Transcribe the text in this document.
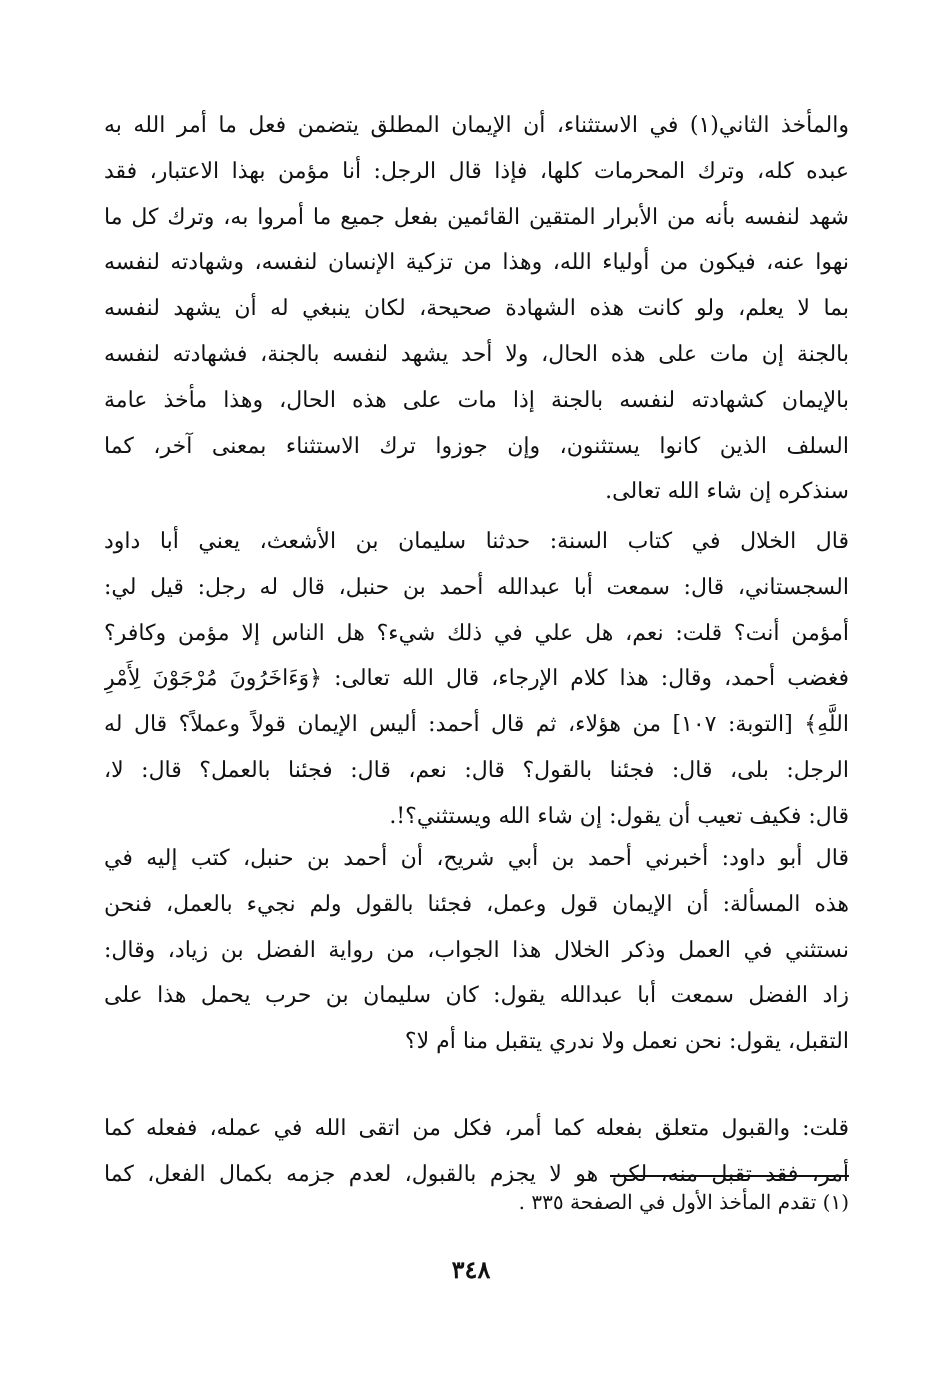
والمأخذ الثاني(١) في الاستثناء، أن الإيمان المطلق يتضمن فعل ما أمر الله به
عبده كله، وترك المحرمات كلها، فإذا قال الرجل: أنا مؤمن بهذا الاعتبار، فقد
شهد لنفسه بأنه من الأبرار المتقين القائمين بفعل جميع ما أمروا به، وترك كل ما
نهوا عنه، فيكون من أولياء الله، وهذا من تزكية الإنسان لنفسه، وشهادته لنفسه
بما لا يعلم، ولو كانت هذه الشهادة صحيحة، لكان ينبغي له أن يشهد لنفسه
بالجنة إن مات على هذه الحال، ولا أحد يشهد لنفسه بالجنة، فشهادته لنفسه
بالإيمان كشهادته لنفسه بالجنة إذا مات على هذه الحال، وهذا مأخذ عامة
السلف الذين كانوا يستثنون، وإن جوزوا ترك الاستثناء بمعنى آخر، كما
سنذكره إن شاء الله تعالى.
قال الخلال في كتاب السنة: حدثنا سليمان بن الأشعث، يعني أبا داود
السجستاني، قال: سمعت أبا عبدالله أحمد بن حنبل، قال له رجل: قيل لي:
أمؤمن أنت؟ قلت: نعم، هل علي في ذلك شيء؟ هل الناس إلا مؤمن وكافر؟
فغضب أحمد، وقال: هذا كلام الإرجاء، قال الله تعالى: ﴿وَءَاخَرُونَ مُرْجَوْنَ لِأَمْرِ
اللَّهِ﴾ [التوبة: ١٠٧] من هؤلاء، ثم قال أحمد: أليس الإيمان قولاً وعملاً؟ قال له
الرجل: بلى، قال: فجئنا بالقول؟ قال: نعم، قال: فجئنا بالعمل؟ قال: لا،
قال: فكيف تعيب أن يقول: إن شاء الله ويستثني؟!.
قال أبو داود: أخبرني أحمد بن أبي شريح، أن أحمد بن حنبل، كتب إليه في
هذه المسألة: أن الإيمان قول وعمل، فجئنا بالقول ولم نجيء بالعمل، فنحن
نستثني في العمل وذكر الخلال هذا الجواب، من رواية الفضل بن زياد، وقال:
زاد الفضل سمعت أبا عبدالله يقول: كان سليمان بن حرب يحمل هذا على
التقبل، يقول: نحن نعمل ولا ندري يتقبل منا أم لا؟
قلت: والقبول متعلق بفعله كما أمر، فكل من اتقى الله في عمله، ففعله كما
أمر، فقد تقبل منه، لكن هو لا يجزم بالقبول، لعدم جزمه بكمال الفعل، كما
(١) تقدم المأخذ الأول في الصفحة ٣٣٥ .
٣٤٨
